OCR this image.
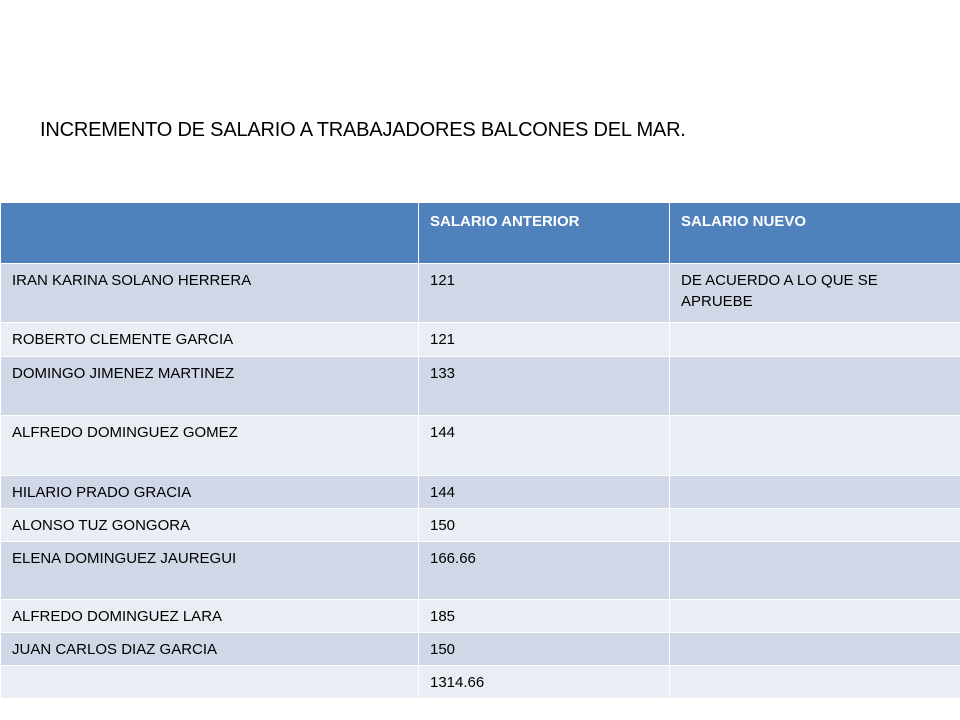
INCREMENTO DE SALARIO A TRABAJADORES BALCONES DEL MAR.
	SALARIO ANTERIOR	SALARIO NUEVO
IRAN KARINA SOLANO HERRERA	121	DE ACUERDO A LO QUE SE APRUEBE
ROBERTO CLEMENTE GARCIA	121	
DOMINGO JIMENEZ MARTINEZ	133	
ALFREDO DOMINGUEZ GOMEZ	144	
HILARIO PRADO GRACIA	144	
ALONSO TUZ GONGORA	150	
ELENA DOMINGUEZ JAUREGUI	166.66	
ALFREDO DOMINGUEZ LARA	185	
JUAN CARLOS DIAZ GARCIA	150	
	1314.66	
